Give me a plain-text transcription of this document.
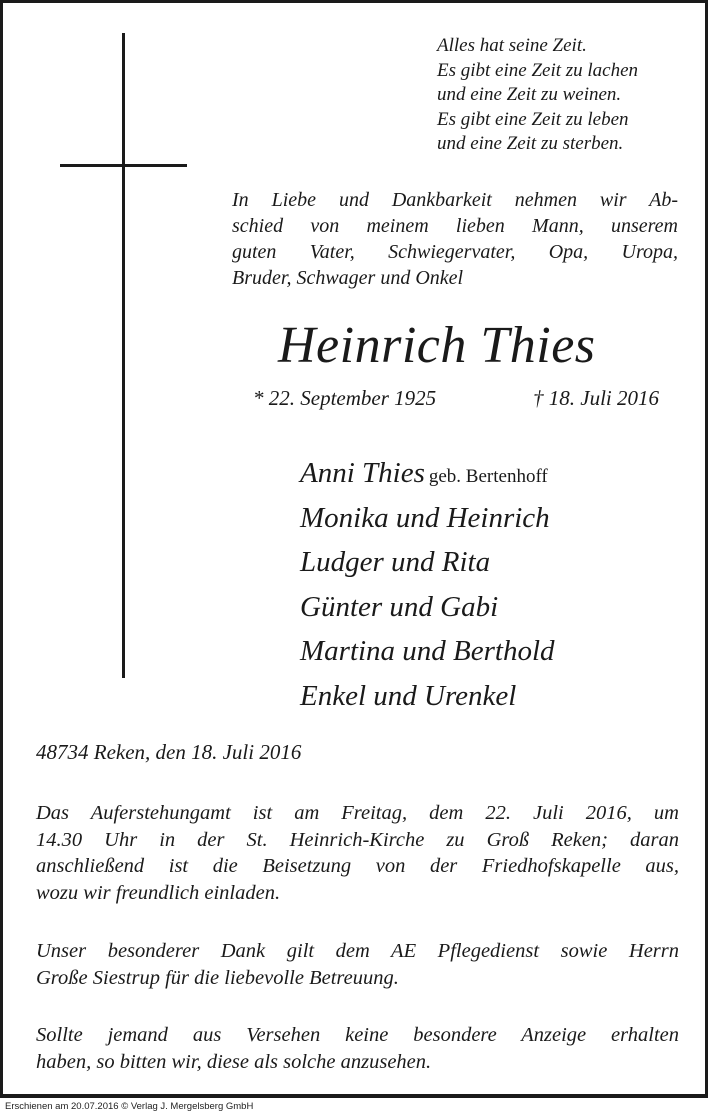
Alles hat seine Zeit.
Es gibt eine Zeit zu lachen
und eine Zeit zu weinen.
Es gibt eine Zeit zu leben
und eine Zeit zu sterben.
In Liebe und Dankbarkeit nehmen wir Ab-
schied von meinem lieben Mann, unserem
guten Vater, Schwiegervater, Opa, Uropa,
Bruder, Schwager und Onkel
Heinrich Thies
* 22. September 1925	† 18. Juli 2016
Anni Thies geb. Bertenhoff
Monika und Heinrich
Ludger und Rita
Günter und Gabi
Martina und Berthold
Enkel und Urenkel
48734 Reken, den 18. Juli 2016
Das Auferstehungamt ist am Freitag, dem 22. Juli 2016, um
14.30 Uhr in der St. Heinrich-Kirche zu Groß Reken; daran
anschließend ist die Beisetzung von der Friedhofskapelle aus,
wozu wir freundlich einladen.
Unser besonderer Dank gilt dem AE Pflegedienst sowie Herrn
Große Siestrup für die liebevolle Betreuung.
Sollte jemand aus Versehen keine besondere Anzeige erhalten
haben, so bitten wir, diese als solche anzusehen.
Erschienen am 20.07.2016 © Verlag J. Mergelsberg GmbH
